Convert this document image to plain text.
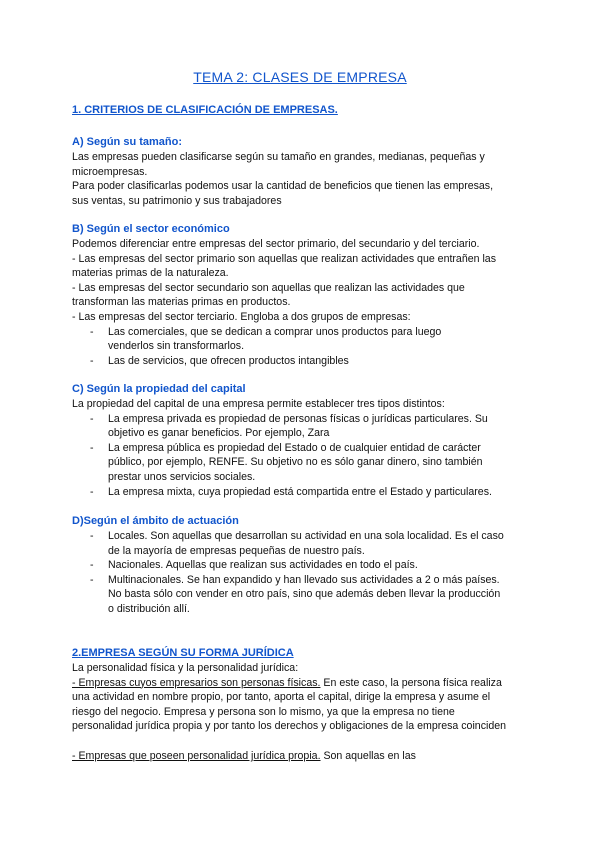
TEMA 2: CLASES DE EMPRESA
1. CRITERIOS DE CLASIFICACIÓN DE EMPRESAS.
A) Según su tamaño:
Las empresas pueden clasificarse según su tamaño en grandes, medianas, pequeñas y
microempresas.
Para poder clasificarlas podemos usar la cantidad de beneficios que tienen las empresas,
sus ventas, su patrimonio y sus trabajadores
B) Según el sector económico
Podemos diferenciar entre empresas del sector primario, del secundario y del terciario.
- Las empresas del sector primario son aquellas que realizan actividades que entrañen las
materias primas de la naturaleza.
- Las empresas del sector secundario son aquellas que realizan las actividades que
transforman las materias primas en productos.
- Las empresas del sector terciario. Engloba a dos grupos de empresas:
- Las comerciales, que se dedican a comprar unos productos para luego
venderlos sin transformarlos.
- Las de servicios, que ofrecen productos intangibles
C) Según la propiedad del capital
La propiedad del capital de una empresa permite establecer tres tipos distintos:
- La empresa privada es propiedad de personas físicas o jurídicas particulares. Su
objetivo es ganar beneficios. Por ejemplo, Zara
- La empresa pública es propiedad del Estado o de cualquier entidad de carácter
público, por ejemplo, RENFE. Su objetivo no es sólo ganar dinero, sino también
prestar unos servicios sociales.
- La empresa mixta, cuya propiedad está compartida entre el Estado y particulares.
D)Según el ámbito de actuación
- Locales. Son aquellas que desarrollan su actividad en una sola localidad. Es el caso
de la mayoría de empresas pequeñas de nuestro país.
- Nacionales. Aquellas que realizan sus actividades en todo el país.
- Multinacionales. Se han expandido y han llevado sus actividades a 2 o más países.
No basta sólo con vender en otro país, sino que además deben llevar la producción
o distribución allí.
2.EMPRESA SEGÚN SU FORMA JURÍDICA
La personalidad física y la personalidad jurídica:
- Empresas cuyos empresarios son personas físicas. En este caso, la persona física realiza
una actividad en nombre propio, por tanto, aporta el capital, dirige la empresa y asume el
riesgo del negocio. Empresa y persona son lo mismo, ya que la empresa no tiene
personalidad jurídica propia y por tanto los derechos y obligaciones de la empresa coinciden
- Empresas que poseen personalidad jurídica propia. Son aquellas en las
